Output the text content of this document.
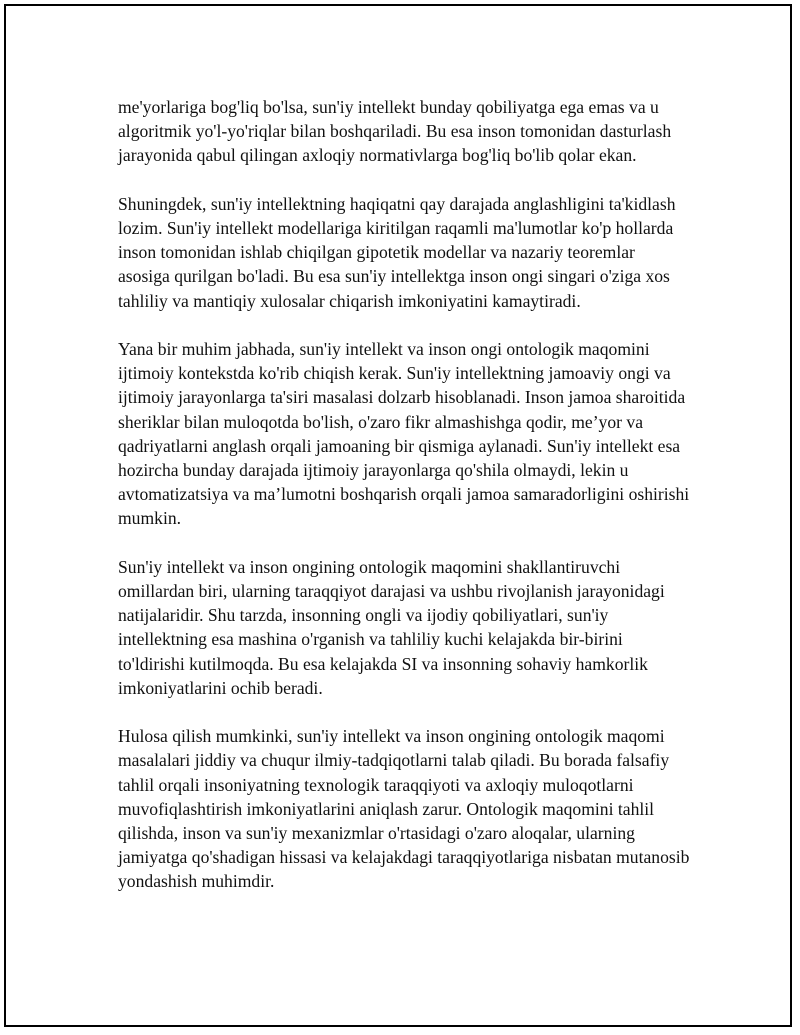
me'yorlariga bog'liq bo'lsa, sun'iy intellekt bunday qobiliyatga ega emas va u algoritmik yo'l-yo'riqlar bilan boshqariladi. Bu esa inson tomonidan dasturlash jarayonida qabul qilingan axloqiy normativlarga bog'liq bo'lib qolar ekan.

Shuningdek, sun'iy intellektning haqiqatni qay darajada anglashligini ta'kidlash lozim. Sun'iy intellekt modellariga kiritilgan raqamli ma'lumotlar ko'p hollarda inson tomonidan ishlab chiqilgan gipotetik modellar va nazariy teoremlar asosiga qurilgan bo'ladi. Bu esa sun'iy intellektga inson ongi singari o'ziga xos tahliliy va mantiqiy xulosalar chiqarish imkoniyatini kamaytiradi.

Yana bir muhim jabhada, sun'iy intellekt va inson ongi ontologik maqomini ijtimoiy kontekstda ko'rib chiqish kerak. Sun'iy intellektning jamoaviy ongi va ijtimoiy jarayonlarga ta'siri masalasi dolzarb hisoblanadi. Inson jamoa sharoitida sheriklar bilan muloqotda bo'lish, o'zaro fikr almashishga qodir, me’yor va qadriyatlarni anglash orqali jamoaning bir qismiga aylanadi. Sun'iy intellekt esa hozircha bunday darajada ijtimoiy jarayonlarga qo'shila olmaydi, lekin u avtomatizatsiya va ma’lumotni boshqarish orqali jamoa samaradorligini oshirishi mumkin.

Sun'iy intellekt va inson ongining ontologik maqomini shakllantiruvchi omillardan biri, ularning taraqqiyot darajasi va ushbu rivojlanish jarayonidagi natijalaridir. Shu tarzda, insonning ongli va ijodiy qobiliyatlari, sun'iy intellektning esa mashina o'rganish va tahliliy kuchi kelajakda bir-birini to'ldirishi kutilmoqda. Bu esa kelajakda SI va insonning sohaviy hamkorlik imkoniyatlarini ochib beradi.

Hulosa qilish mumkinki, sun'iy intellekt va inson ongining ontologik maqomi masalalari jiddiy va chuqur ilmiy-tadqiqotlarni talab qiladi. Bu borada falsafiy tahlil orqali insoniyatning texnologik taraqqiyoti va axloqiy muloqotlarni muvofiqlashtirish imkoniyatlarini aniqlash zarur. Ontologik maqomini tahlil qilishda, inson va sun'iy mexanizmlar o'rtasidagi o'zaro aloqalar, ularning jamiyatga qo'shadigan hissasi va kelajakdagi taraqqiyotlariga nisbatan mutanosib yondashish muhimdir.
